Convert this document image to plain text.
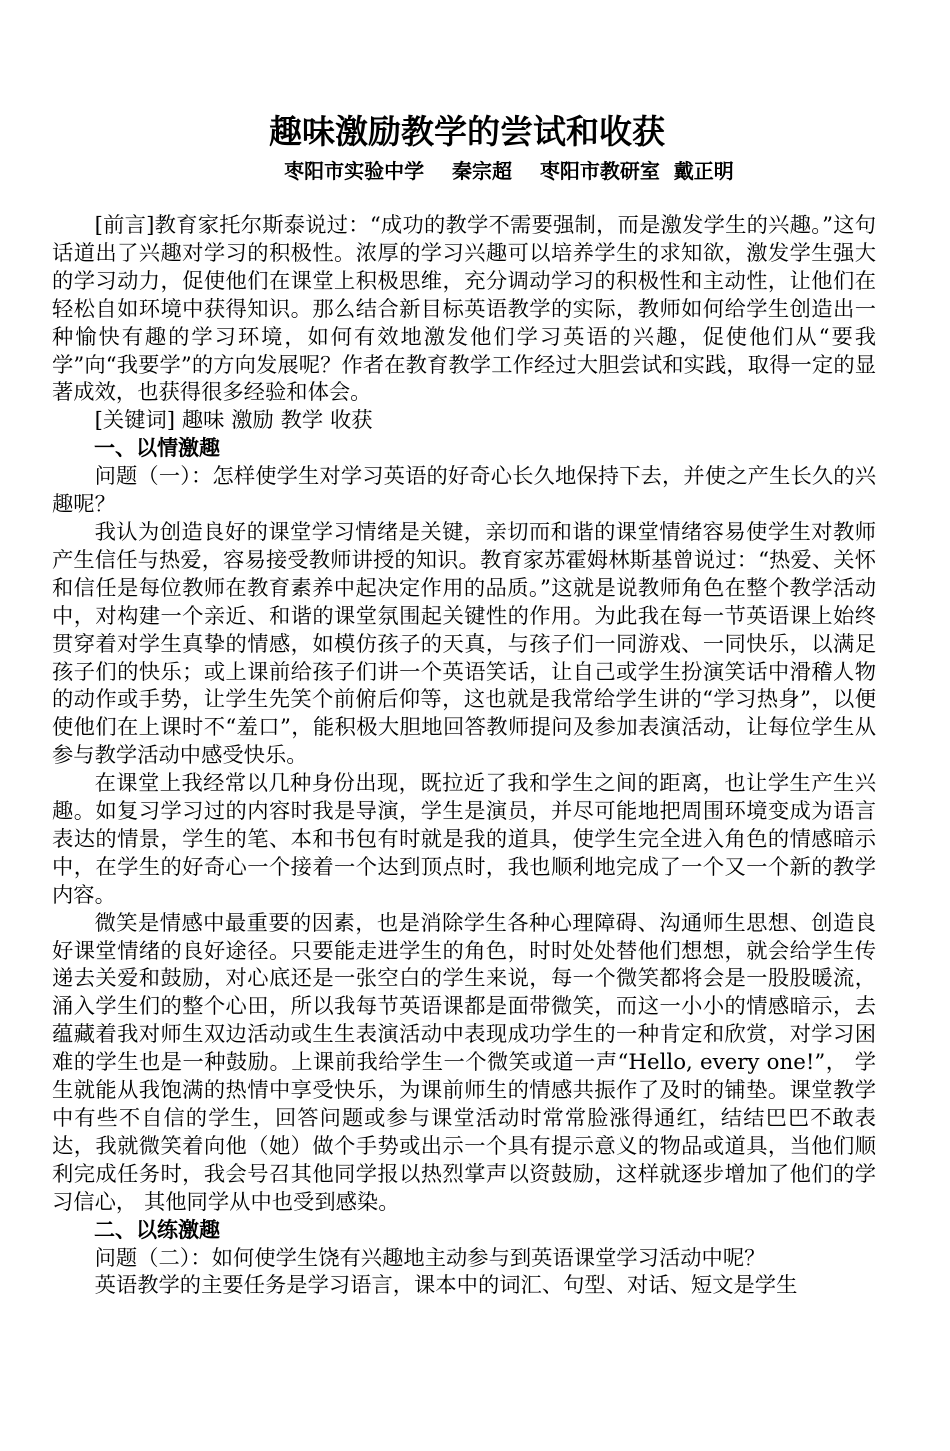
趣味激励教学的尝试和收获
枣阳市实验中学    秦宗超    枣阳市教研室  戴正明

[前言]教育家托尔斯泰说过：“成功的教学不需要强制，而是激发学生的兴趣。”这句话道出了兴趣对学习的积极性。浓厚的学习兴趣可以培养学生的求知欲，激发学生强大的学习动力，促使他们在课堂上积极思维，充分调动学习的积极性和主动性，让他们在轻松自如环境中获得知识。那么结合新目标英语教学的实际，教师如何给学生创造出一种愉快有趣的学习环境，如何有效地激发他们学习英语的兴趣，促使他们从“要我学”向“我要学”的方向发展呢？作者在教育教学工作经过大胆尝试和实践，取得一定的显著成效，也获得很多经验和体会。

[关键词] 趣味 激励 教学 收获

一、以情激趣

问题（一）：怎样使学生对学习英语的好奇心长久地保持下去，并使之产生长久的兴趣呢？

我认为创造良好的课堂学习情绪是关键，亲切而和谐的课堂情绪容易使学生对教师产生信任与热爱，容易接受教师讲授的知识。教育家苏霍姆林斯基曾说过：“热爱、关怀和信任是每位教师在教育素养中起决定作用的品质。”这就是说教师角色在整个教学活动中，对构建一个亲近、和谐的课堂氛围起关键性的作用。为此我在每一节英语课上始终贯穿着对学生真挚的情感，如模仿孩子的天真，与孩子们一同游戏、一同快乐，以满足孩子们的快乐；或上课前给孩子们讲一个英语笑话，让自己或学生扮演笑话中滑稽人物的动作或手势，让学生先笑个前俯后仰等，这也就是我常给学生讲的“学习热身”，以便使他们在上课时不“羞口”，能积极大胆地回答教师提问及参加表演活动，让每位学生从参与教学活动中感受快乐。

在课堂上我经常以几种身份出现，既拉近了我和学生之间的距离，也让学生产生兴趣。如复习学习过的内容时我是导演，学生是演员，并尽可能地把周围环境变成为语言表达的情景，学生的笔、本和书包有时就是我的道具，使学生完全进入角色的情感暗示中，在学生的好奇心一个接着一个达到顶点时，我也顺利地完成了一个又一个新的教学内容。

微笑是情感中最重要的因素，也是消除学生各种心理障碍、沟通师生思想、创造良好课堂情绪的良好途径。只要能走进学生的角色，时时处处替他们想想，就会给学生传递去关爱和鼓励，对心底还是一张空白的学生来说，每一个微笑都将会是一股股暖流，涌入学生们的整个心田，所以我每节英语课都是面带微笑，而这一小小的情感暗示，去蕴藏着我对师生双边活动或生生表演活动中表现成功学生的一种肯定和欣赏，对学习困难的学生也是一种鼓励。上课前我给学生一个微笑或道一声“Hello, every one!”， 学生就能从我饱满的热情中享受快乐，为课前师生的情感共振作了及时的铺垫。课堂教学中有些不自信的学生，回答问题或参与课堂活动时常常脸涨得通红，结结巴巴不敢表达，我就微笑着向他（她）做个手势或出示一个具有提示意义的物品或道具，当他们顺利完成任务时，我会号召其他同学报以热烈掌声以资鼓励，这样就逐步增加了他们的学习信心， 其他同学从中也受到感染。

二、以练激趣

问题（二）：如何使学生饶有兴趣地主动参与到英语课堂学习活动中呢？

英语教学的主要任务是学习语言，课本中的词汇、句型、对话、短文是学生
